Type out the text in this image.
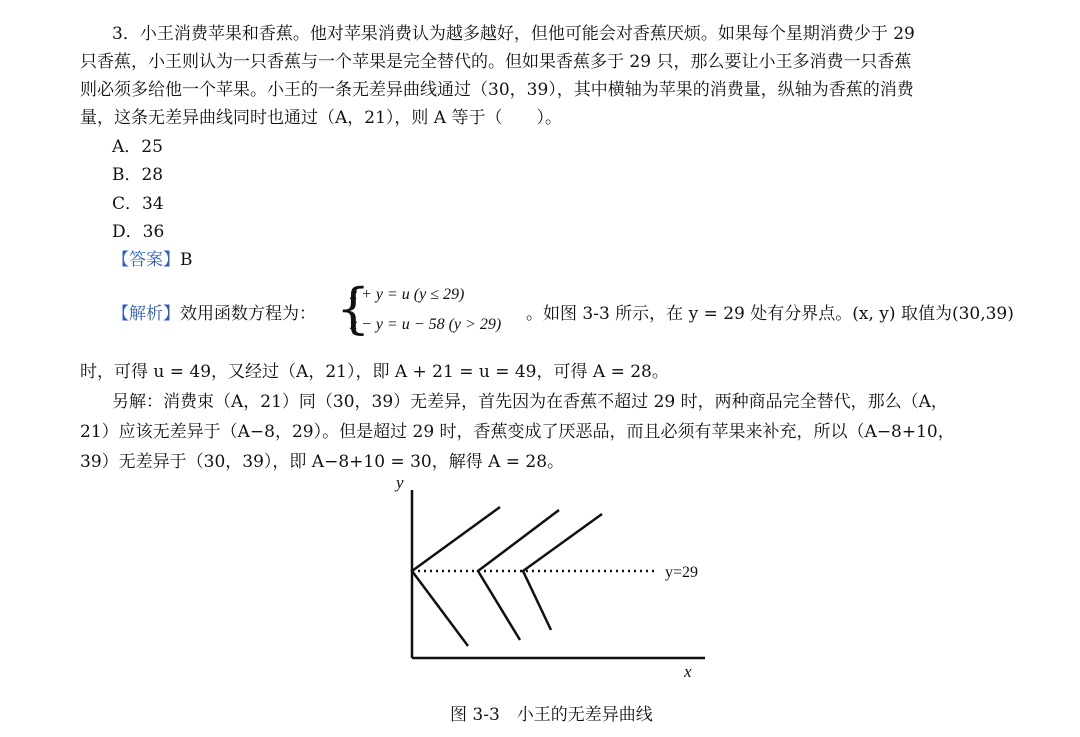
3．小王消费苹果和香蕉。他对苹果消费认为越多越好，但他可能会对香蕉厌烦。如果每个星期消费少于 29
只香蕉，小王则认为一只香蕉与一个苹果是完全替代的。但如果香蕉多于 29 只，那么要让小王多消费一只香蕉
则必须多给他一个苹果。小王的一条无差异曲线通过（30，39），其中横轴为苹果的消费量，纵轴为香蕉的消费
量，这条无差异曲线同时也通过（A，21），则 A 等于（　　）。
A．25
B．28
C．34
D．36
【答案】B
【解析】效用函数方程为： {
x + y = u (y ≤ 29)
x − y = u − 58 (y > 29)
。如图 3-3 所示，在 y = 29 处有分界点。(x, y) 取值为(30,39)
时，可得 u = 49，又经过（A，21），即 A + 21 = u = 49，可得 A = 28。
另解：消费束（A，21）同（30，39）无差异，首先因为在香蕉不超过 29 时，两种商品完全替代，那么（A，
21）应该无差异于（A−8，29）。但是超过 29 时，香蕉变成了厌恶品，而且必须有苹果来补充，所以（A−8+10，
39）无差异于（30，39），即 A−8+10 = 30，解得 A = 28。
y
x
y=29
图 3-3　小王的无差异曲线
